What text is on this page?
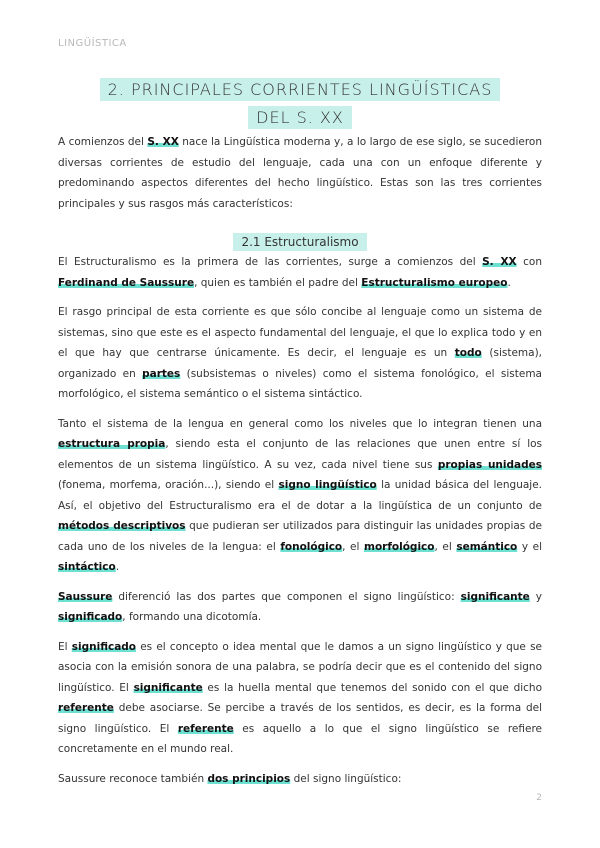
LINGÜÍSTICA
2. PRINCIPALES CORRIENTES LINGÜÍSTICAS
DEL S. XX

A comienzos del S. XX nace la Lingüística moderna y, a lo largo de ese siglo, se sucedieron diversas corrientes de estudio del lenguaje, cada una con un enfoque diferente y predominando aspectos diferentes del hecho lingüístico. Estas son las tres corrientes principales y sus rasgos más característicos:

2.1 Estructuralismo

El Estructuralismo es la primera de las corrientes, surge a comienzos del S. XX con Ferdinand de Saussure, quien es también el padre del Estructuralismo europeo.

El rasgo principal de esta corriente es que sólo concibe al lenguaje como un sistema de sistemas, sino que este es el aspecto fundamental del lenguaje, el que lo explica todo y en el que hay que centrarse únicamente. Es decir, el lenguaje es un todo (sistema), organizado en partes (subsistemas o niveles) como el sistema fonológico, el sistema morfológico, el sistema semántico o el sistema sintáctico.

Tanto el sistema de la lengua en general como los niveles que lo integran tienen una estructura propia, siendo esta el conjunto de las relaciones que unen entre sí los elementos de un sistema lingüístico. A su vez, cada nivel tiene sus propias unidades (fonema, morfema, oración...), siendo el signo lingüístico la unidad básica del lenguaje. Así, el objetivo del Estructuralismo era el de dotar a la lingüística de un conjunto de métodos descriptivos que pudieran ser utilizados para distinguir las unidades propias de cada uno de los niveles de la lengua: el fonológico, el morfológico, el semántico y el sintáctico.

Saussure diferenció las dos partes que componen el signo lingüístico: significante y significado, formando una dicotomía.

El significado es el concepto o idea mental que le damos a un signo lingüístico y que se asocia con la emisión sonora de una palabra, se podría decir que es el contenido del signo lingüístico. El significante es la huella mental que tenemos del sonido con el que dicho referente debe asociarse. Se percibe a través de los sentidos, es decir, es la forma del signo lingüístico. El referente es aquello a lo que el signo lingüístico se refiere concretamente en el mundo real.

Saussure reconoce también dos principios del signo lingüístico:

2
